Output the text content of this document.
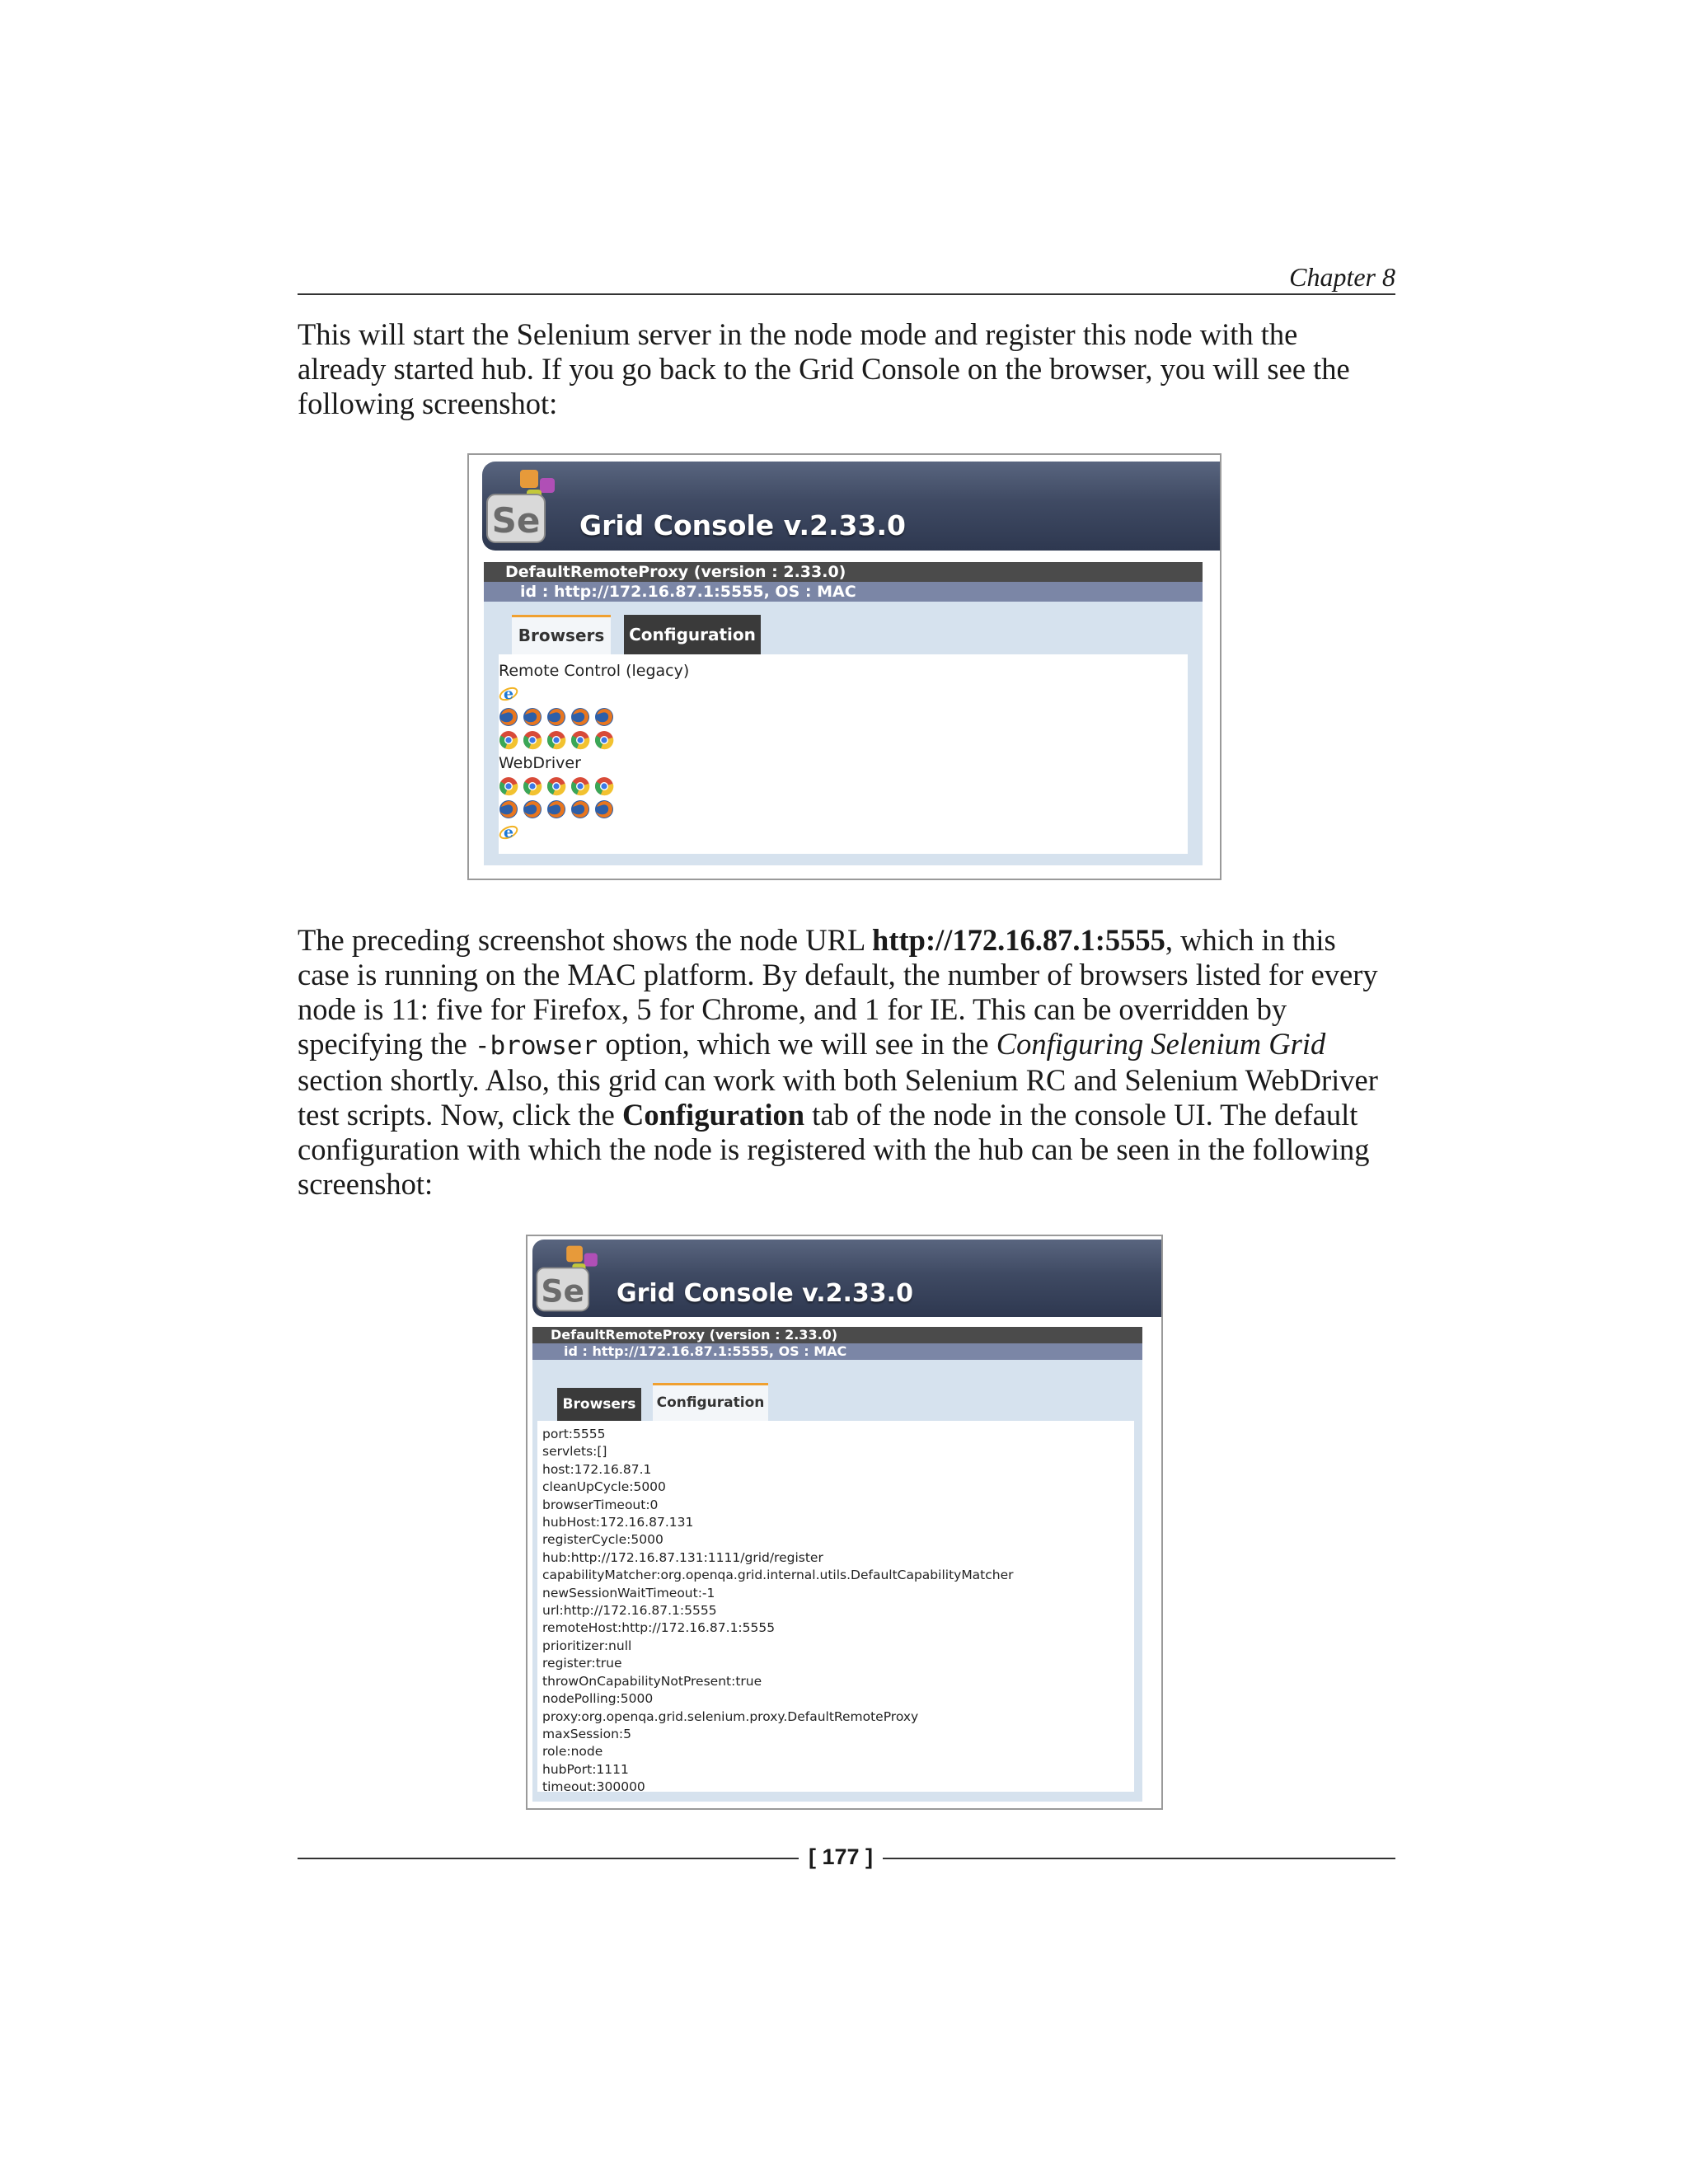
Chapter 8
This will start the Selenium server in the node mode and register this node with the already started hub. If you go back to the Grid Console on the browser, you will see the following screenshot:
Se Grid Console v.2.33.0
DefaultRemoteProxy (version : 2.33.0)
id : http://172.16.87.1:5555, OS : MAC
Browsers	Configuration
Remote Control (legacy)
e
WebDriver
e
The preceding screenshot shows the node URL http://172.16.87.1:5555, which in this case is running on the MAC platform. By default, the number of browsers listed for every node is 11: five for Firefox, 5 for Chrome, and 1 for IE. This can be overridden by specifying the -browser option, which we will see in the Configuring Selenium Grid section shortly. Also, this grid can work with both Selenium RC and Selenium WebDriver test scripts. Now, click the Configuration tab of the node in the console UI. The default configuration with which the node is registered with the hub can be seen in the following screenshot:
Se Grid Console v.2.33.0
DefaultRemoteProxy (version : 2.33.0)
id : http://172.16.87.1:5555, OS : MAC
Browsers	Configuration
port:5555
servlets:[]
host:172.16.87.1
cleanUpCycle:5000
browserTimeout:0
hubHost:172.16.87.131
registerCycle:5000
hub:http://172.16.87.131:1111/grid/register
capabilityMatcher:org.openqa.grid.internal.utils.DefaultCapabilityMatcher
newSessionWaitTimeout:-1
url:http://172.16.87.1:5555
remoteHost:http://172.16.87.1:5555
prioritizer:null
register:true
throwOnCapabilityNotPresent:true
nodePolling:5000
proxy:org.openqa.grid.selenium.proxy.DefaultRemoteProxy
maxSession:5
role:node
hubPort:1111
timeout:300000
[ 177 ]
